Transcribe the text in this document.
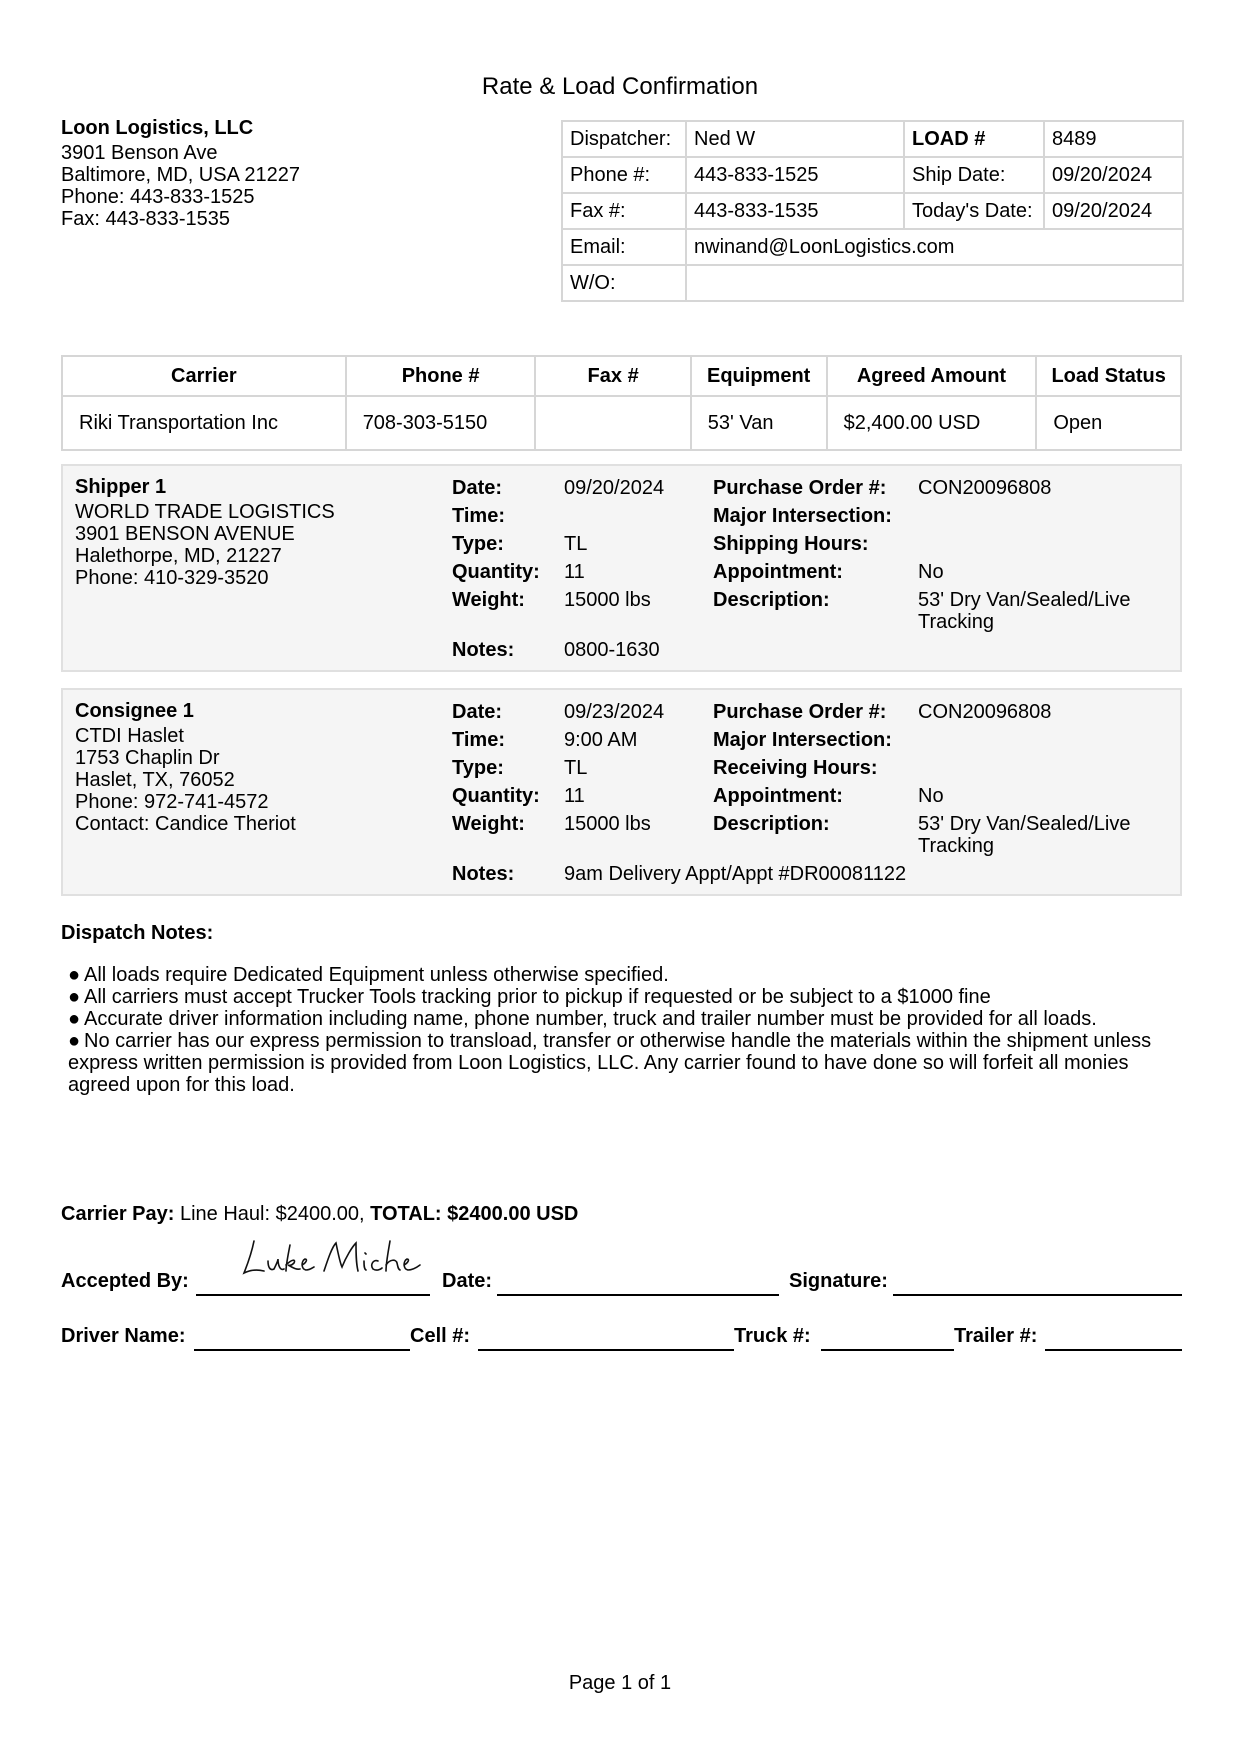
Rate & Load Confirmation
Loon Logistics, LLC
3901 Benson Ave
Baltimore, MD, USA 21227
Phone: 443-833-1525
Fax: 443-833-1535
Dispatcher:	Ned W	LOAD #	8489
Phone #:	443-833-1525	Ship Date:	09/20/2024
Fax #:	443-833-1535	Today's Date:	09/20/2024
Email:	nwinand@LoonLogistics.com		
W/O:			
Carrier	Phone #	Fax #	Equipment	Agreed Amount	Load Status
Riki Transportation Inc	708-303-5150		53' Van	$2,400.00 USD	Open
Shipper 1
WORLD TRADE LOGISTICS
3901 BENSON AVENUE
Halethorpe, MD, 21227
Phone: 410-329-3520
Date:	09/20/2024
Time:
Type:	TL
Quantity: 11
Weight: 15000 lbs
Notes: 0800-1630
Purchase Order #: CON20096808
Major Intersection:
Shipping Hours:
Appointment:	No
Description:	53' Dry Van/Sealed/Live Tracking
Consignee 1
CTDI Haslet
1753 Chaplin Dr
Haslet, TX, 76052
Phone: 972-741-4572
Contact: Candice Theriot
Date:	09/23/2024
Time:	9:00 AM
Type:	TL
Quantity: 11
Weight: 15000 lbs
Notes: 9am Delivery Appt/Appt #DR00081122
Purchase Order #: CON20096808
Major Intersection:
Receiving Hours:
Appointment:	No
Description:	53' Dry Van/Sealed/Live Tracking
Dispatch Notes:
● All loads require Dedicated Equipment unless otherwise specified.
● All carriers must accept Trucker Tools tracking prior to pickup if requested or be subject to a $1000 fine
● Accurate driver information including name, phone number, truck and trailer number must be provided for all loads.
● No carrier has our express permission to transload, transfer or otherwise handle the materials within the shipment unless express written permission is provided from Loon Logistics, LLC. Any carrier found to have done so will forfeit all monies agreed upon for this load.
Carrier Pay: Line Haul: $2400.00, TOTAL: $2400.00 USD
Accepted By:	Date:	Signature:
Driver Name:	Cell #:	Truck #:	Trailer #:
Page 1 of 1
